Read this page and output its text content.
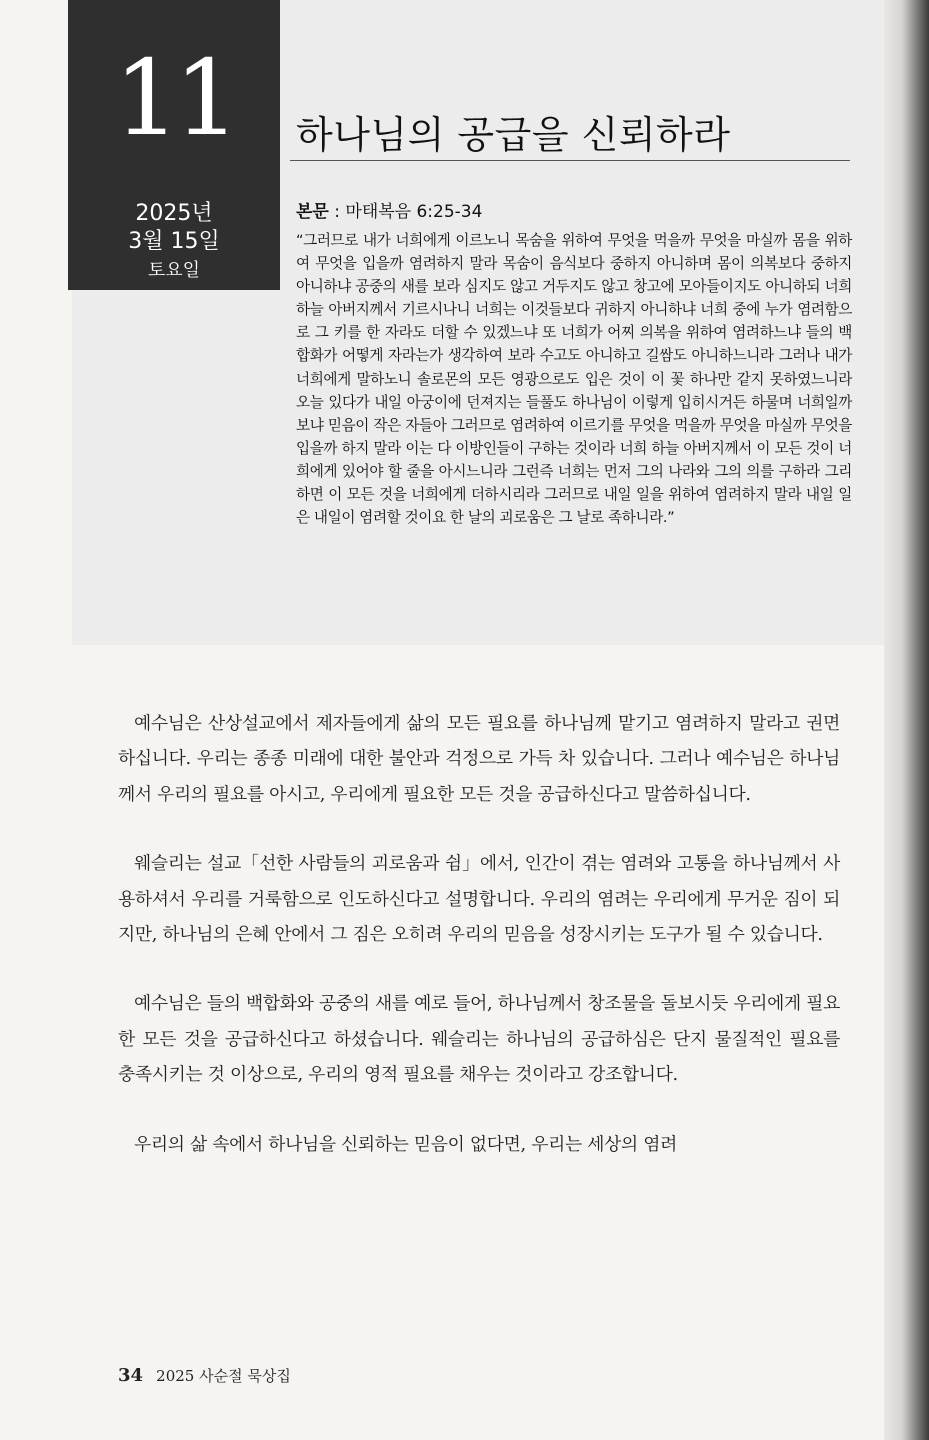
11
2025년
3월 15일
토요일
하나님의 공급을 신뢰하라
본문 : 마태복음 6:25-34
“그러므로 내가 너희에게 이르노니 목숨을 위하여 무엇을 먹을까 무엇을 마실까 몸을 위하여 무엇을 입을까 염려하지 말라 목숨이 음식보다 중하지 아니하며 몸이 의복보다 중하지 아니하냐 공중의 새를 보라 심지도 않고 거두지도 않고 창고에 모아들이지도 아니하되 너희 하늘 아버지께서 기르시나니 너희는 이것들보다 귀하지 아니하냐 너희 중에 누가 염려함으로 그 키를 한 자라도 더할 수 있겠느냐 또 너희가 어찌 의복을 위하여 염려하느냐 들의 백합화가 어떻게 자라는가 생각하여 보라 수고도 아니하고 길쌈도 아니하느니라 그러나 내가 너희에게 말하노니 솔로몬의 모든 영광으로도 입은 것이 이 꽃 하나만 같지 못하였느니라 오늘 있다가 내일 아궁이에 던져지는 들풀도 하나님이 이렇게 입히시거든 하물며 너희일까보냐 믿음이 작은 자들아 그러므로 염려하여 이르기를 무엇을 먹을까 무엇을 마실까 무엇을 입을까 하지 말라 이는 다 이방인들이 구하는 것이라 너희 하늘 아버지께서 이 모든 것이 너희에게 있어야 할 줄을 아시느니라 그런즉 너희는 먼저 그의 나라와 그의 의를 구하라 그리하면 이 모든 것을 너희에게 더하시리라 그러므로 내일 일을 위하여 염려하지 말라 내일 일은 내일이 염려할 것이요 한 날의 괴로움은 그 날로 족하니라.”

예수님은 산상설교에서 제자들에게 삶의 모든 필요를 하나님께 맡기고 염려하지 말라고 권면하십니다. 우리는 종종 미래에 대한 불안과 걱정으로 가득 차 있습니다. 그러나 예수님은 하나님께서 우리의 필요를 아시고, 우리에게 필요한 모든 것을 공급하신다고 말씀하십니다.

웨슬리는 설교「선한 사람들의 괴로움과 쉼」에서, 인간이 겪는 염려와 고통을 하나님께서 사용하셔서 우리를 거룩함으로 인도하신다고 설명합니다. 우리의 염려는 우리에게 무거운 짐이 되지만, 하나님의 은혜 안에서 그 짐은 오히려 우리의 믿음을 성장시키는 도구가 될 수 있습니다.

예수님은 들의 백합화와 공중의 새를 예로 들어, 하나님께서 창조물을 돌보시듯 우리에게 필요한 모든 것을 공급하신다고 하셨습니다. 웨슬리는 하나님의 공급하심은 단지 물질적인 필요를 충족시키는 것 이상으로, 우리의 영적 필요를 채우는 것이라고 강조합니다.

우리의 삶 속에서 하나님을 신뢰하는 믿음이 없다면, 우리는 세상의 염려

34 2025 사순절 묵상집
